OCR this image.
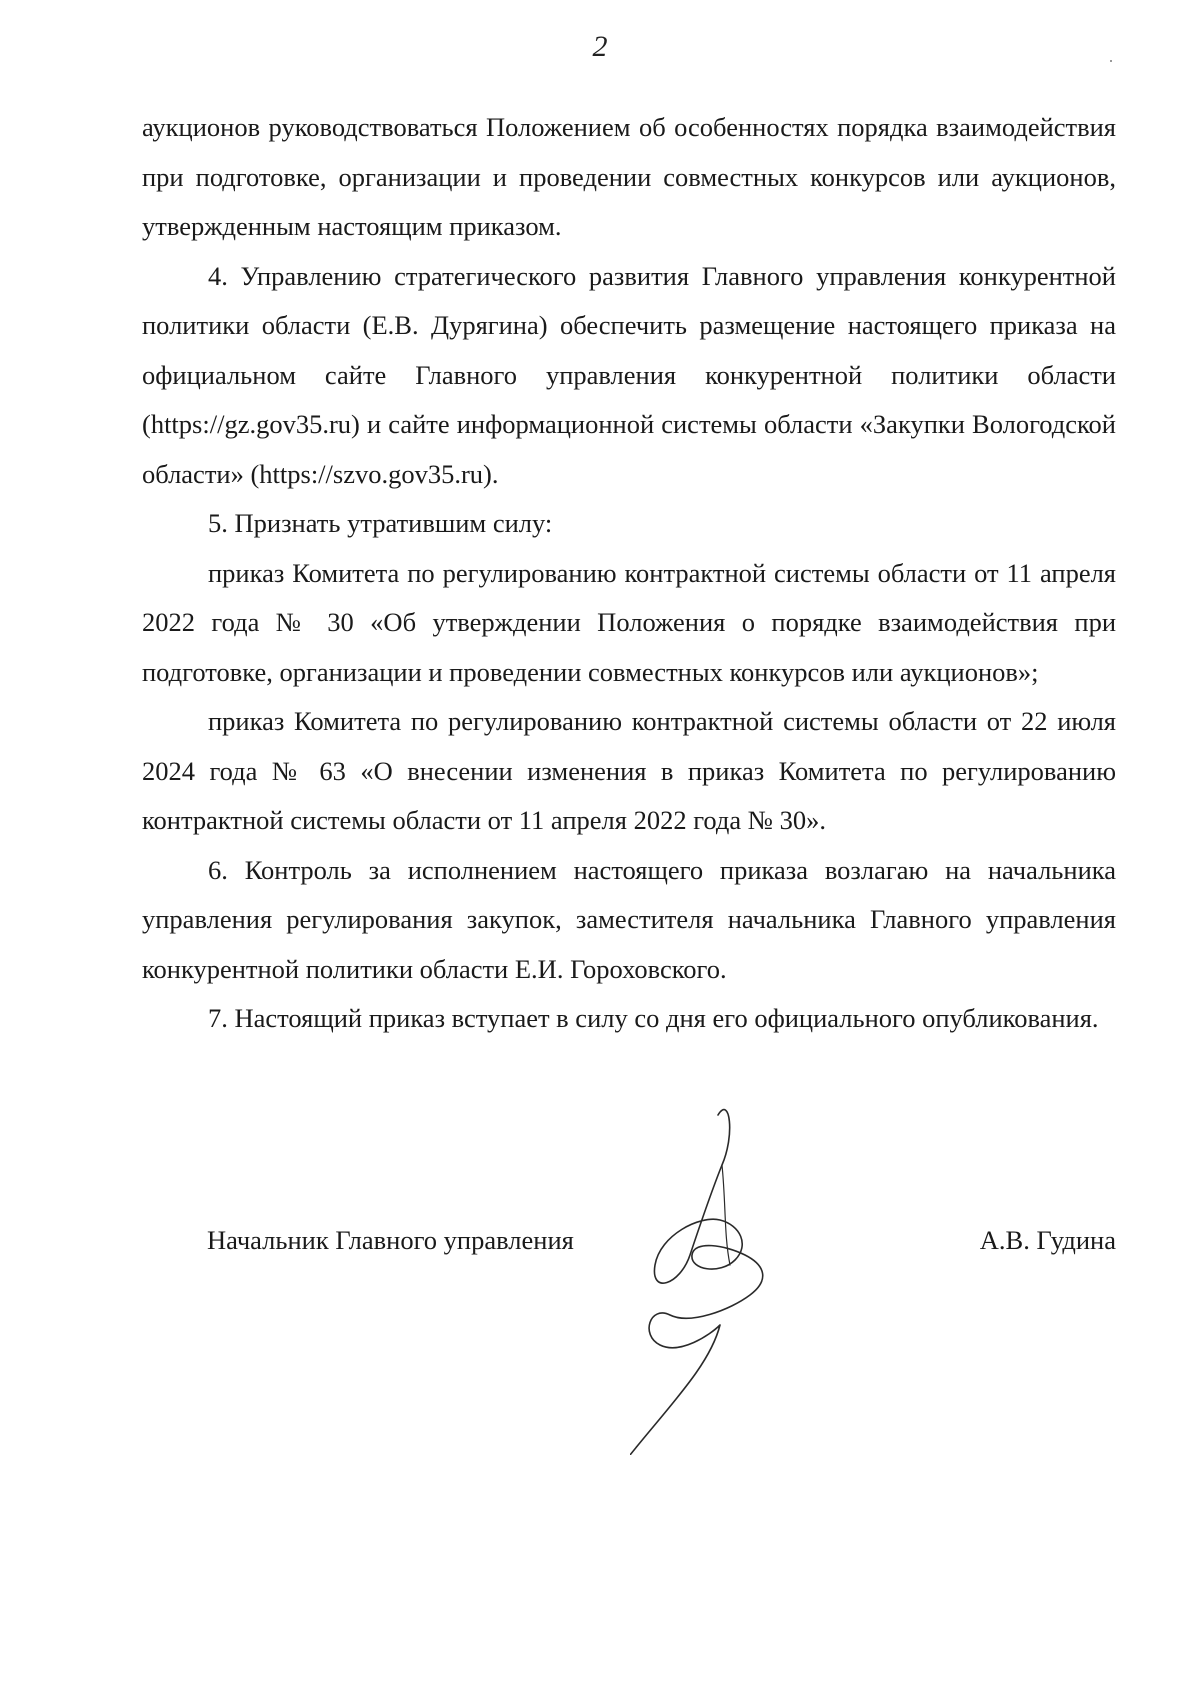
2

аукционов руководствоваться Положением об особенностях порядка взаимодействия при подготовке, организации и проведении совместных конкурсов или аукционов, утвержденным настоящим приказом.

4. Управлению стратегического развития Главного управления конкурентной политики области (Е.В. Дурягина) обеспечить размещение настоящего приказа на официальном сайте Главного управления конкурентной политики области (https://gz.gov35.ru) и сайте информационной системы области «Закупки Вологодской области» (https://szvo.gov35.ru).

5. Признать утратившим силу:

приказ Комитета по регулированию контрактной системы области от 11 апреля 2022 года № 30 «Об утверждении Положения о порядке взаимодействия при подготовке, организации и проведении совместных конкурсов или аукционов»;

приказ Комитета по регулированию контрактной системы области от 22 июля 2024 года № 63 «О внесении изменения в приказ Комитета по регулированию контрактной системы области от 11 апреля 2022 года № 30».

6. Контроль за исполнением настоящего приказа возлагаю на начальника управления регулирования закупок, заместителя начальника Главного управления конкурентной политики области Е.И. Гороховского.

7. Настоящий приказ вступает в силу со дня его официального опубликования.

Начальник Главного управления	А.В. Гудина
